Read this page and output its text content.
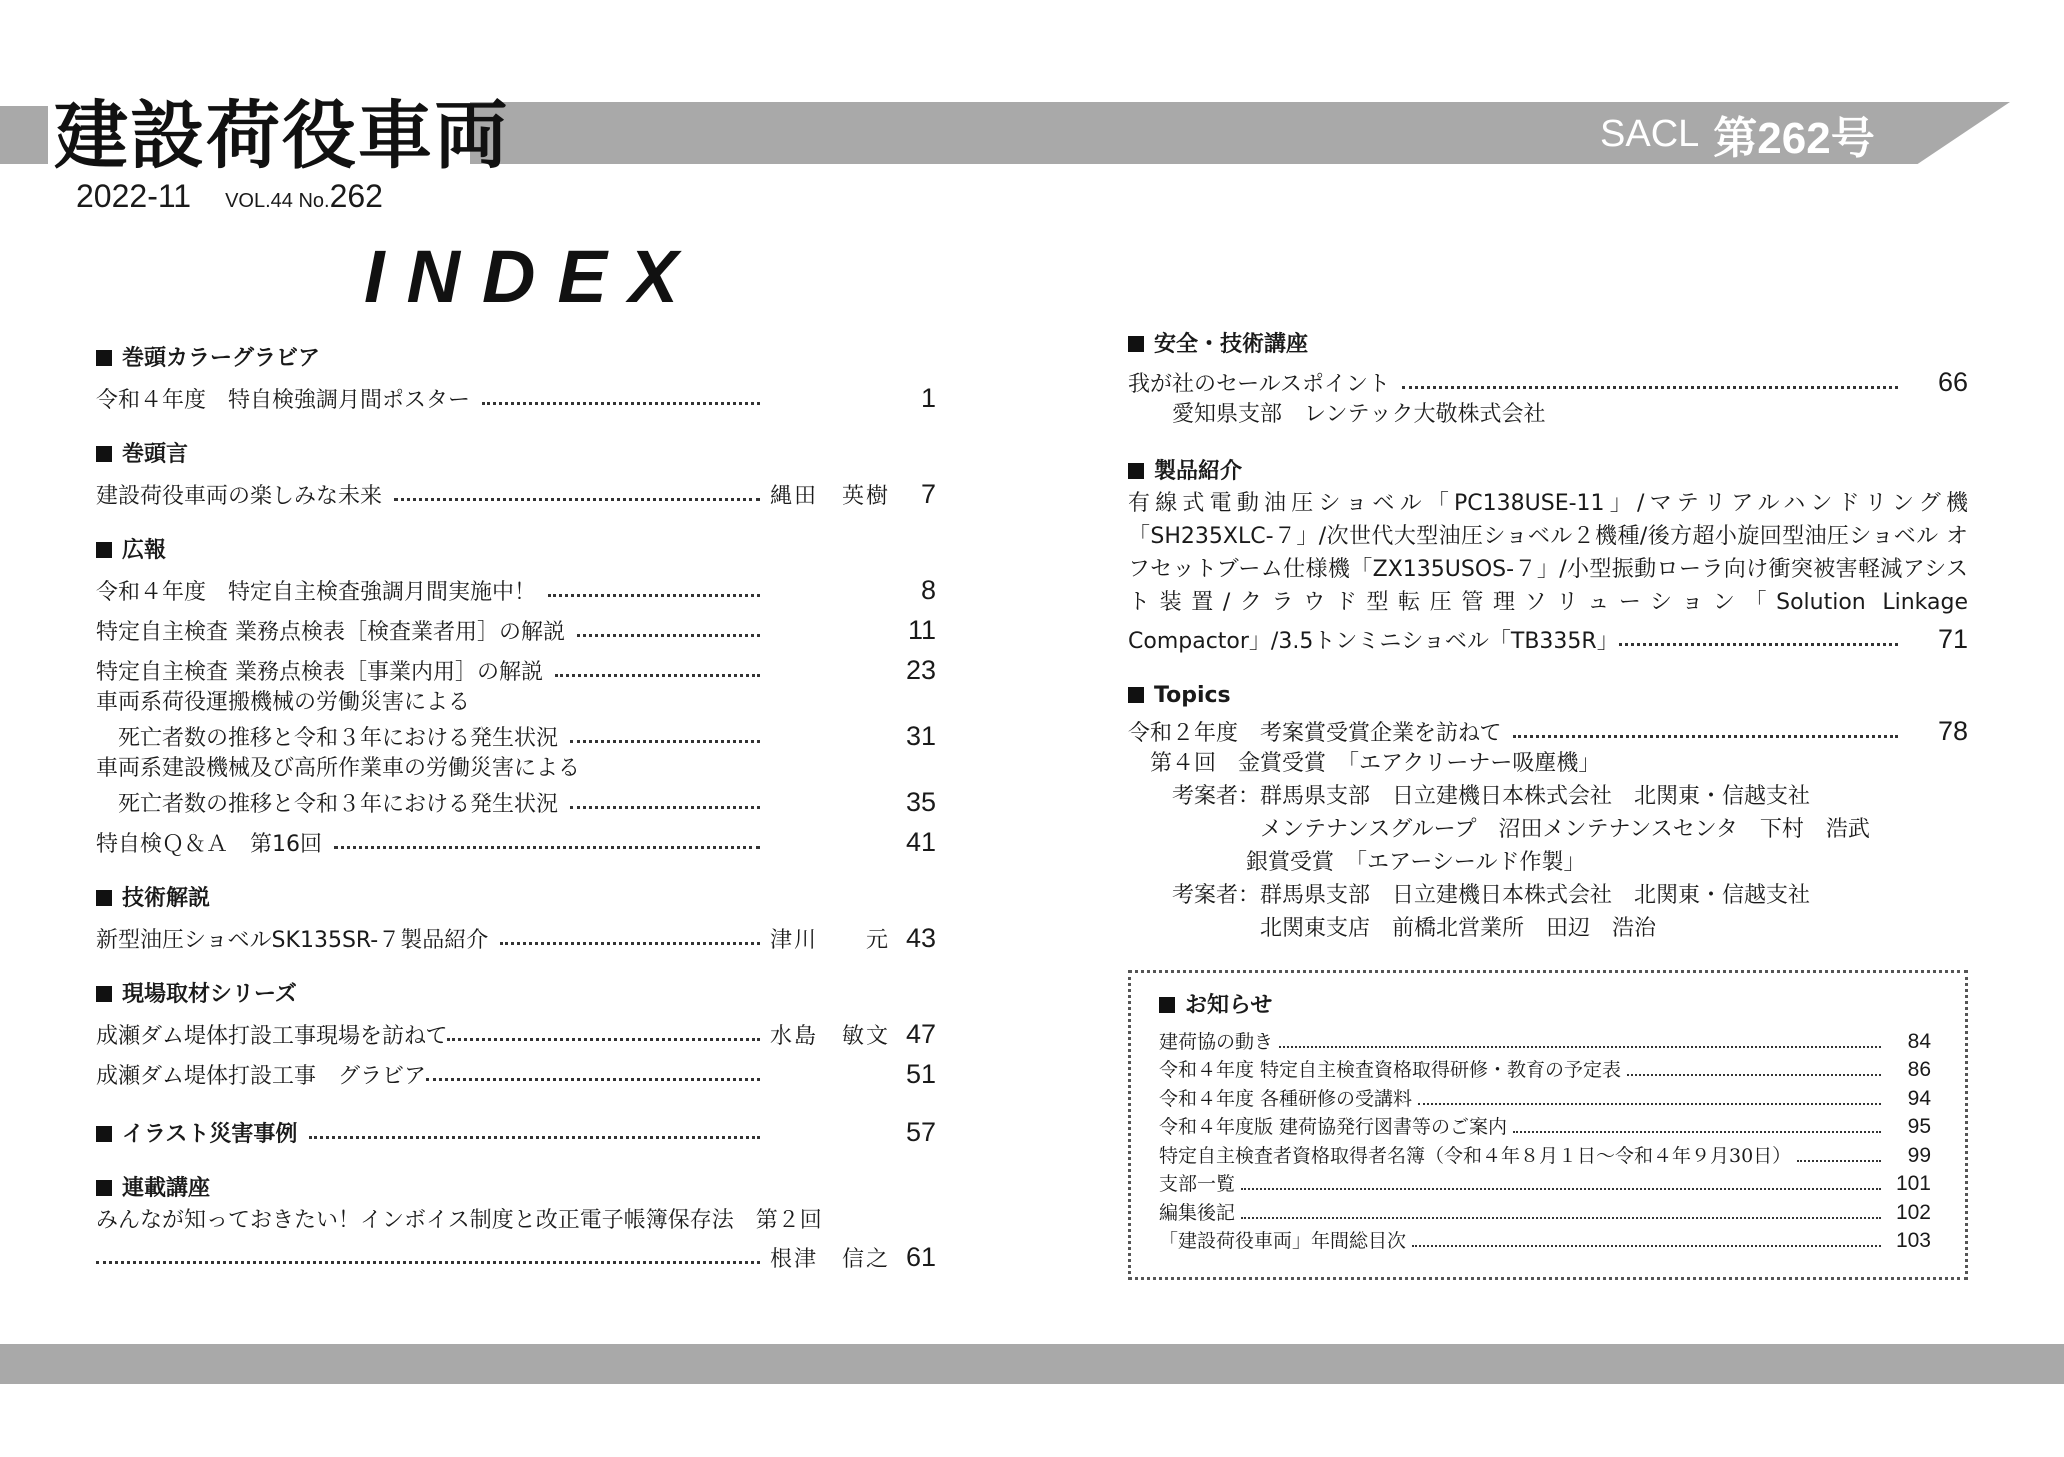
建設荷役車両	SACL 第262号
2022-11 VOL.44 No. 262
INDEX
巻頭カラーグラビア
令和４年度　特自検強調月間ポスター	1
巻頭言
建設荷役車両の楽しみな未来	縄田　英樹	7
広報
令和４年度　特定自主検査強調月間実施中！	8
特定自主検査 業務点検表［検査業者用］の解説	11
特定自主検査 業務点検表［事業内用］の解説	23
車両系荷役運搬機械の労働災害による
死亡者数の推移と令和３年における発生状況	31
車両系建設機械及び高所作業車の労働災害による
死亡者数の推移と令和３年における発生状況	35
特自検Ｑ＆Ａ　第16回	41
技術解説
新型油圧ショベルSK135SR-７製品紹介	津川　　元 43
現場取材シリーズ
成瀬ダム堤体打設工事現場を訪ねて	水島　敏文 47
成瀬ダム堤体打設工事　グラビア	51
イラスト災害事例	57
連載講座
みんなが知っておきたい！インボイス制度と改正電子帳簿保存法　第２回
根津　信之 61
安全・技術講座
我が社のセールスポイント	66
愛知県支部　レンテック大敬株式会社
製品紹介
有線式電動油圧ショベル「PC138USE-11」/マテリアルハンドリング機「SH235XLC-７」/次世代大型油圧ショベル２機種/後方超小旋回型油圧ショベル オフセットブーム仕様機「ZX135USOS-７」/小型振動ローラ向け衝突被害軽減アシスト装置/クラウド型転圧管理ソリューション「Solution Linkage
Compactor」/3.5トンミニショベル「TB335R」	71
Topics
令和２年度　考案賞受賞企業を訪ねて	78
第４回　金賞受賞　「エアクリーナー吸塵機」
考案者：群馬県支部　日立建機日本株式会社　北関東・信越支社
メンテナンスグループ　沼田メンテナンスセンタ　下村　浩武
銀賞受賞　「エアーシールド作製」
考案者：群馬県支部　日立建機日本株式会社　北関東・信越支社
北関東支店　前橋北営業所　田辺　浩治
お知らせ
建荷協の動き	84
令和４年度 特定自主検査資格取得研修・教育の予定表	86
令和４年度 各種研修の受講料	94
令和４年度版 建荷協発行図書等のご案内	95
特定自主検査者資格取得者名簿（令和４年８月１日～令和４年９月30日）	99
支部一覧	101
編集後記	102
「建設荷役車両」年間総目次	103
